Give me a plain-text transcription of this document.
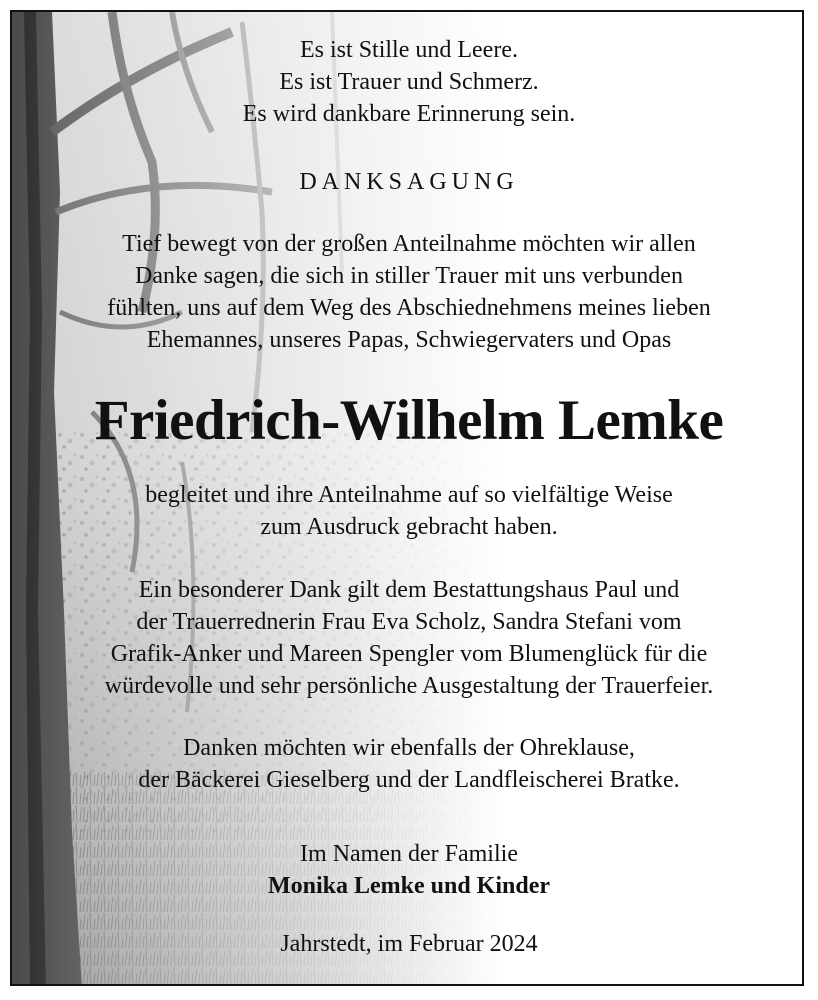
Es ist Stille und Leere.
Es ist Trauer und Schmerz.
Es wird dankbare Erinnerung sein.
DANKSAGUNG
Tief bewegt von der großen Anteilnahme möchten wir allen
Danke sagen, die sich in stiller Trauer mit uns verbunden
fühlten, uns auf dem Weg des Abschiednehmens meines lieben
Ehemannes, unseres Papas, Schwiegervaters und Opas
Friedrich-Wilhelm Lemke
begleitet und ihre Anteilnahme auf so vielfältige Weise
zum Ausdruck gebracht haben.
Ein besonderer Dank gilt dem Bestattungshaus Paul und
der Trauerrednerin Frau Eva Scholz, Sandra Stefani vom
Grafik-Anker und Mareen Spengler vom Blumenglück für die
würdevolle und sehr persönliche Ausgestaltung der Trauerfeier.
Danken möchten wir ebenfalls der Ohreklause,
der Bäckerei Gieselberg und der Landfleischerei Bratke.
Im Namen der Familie
Monika Lemke und Kinder
Jahrstedt, im Februar 2024
